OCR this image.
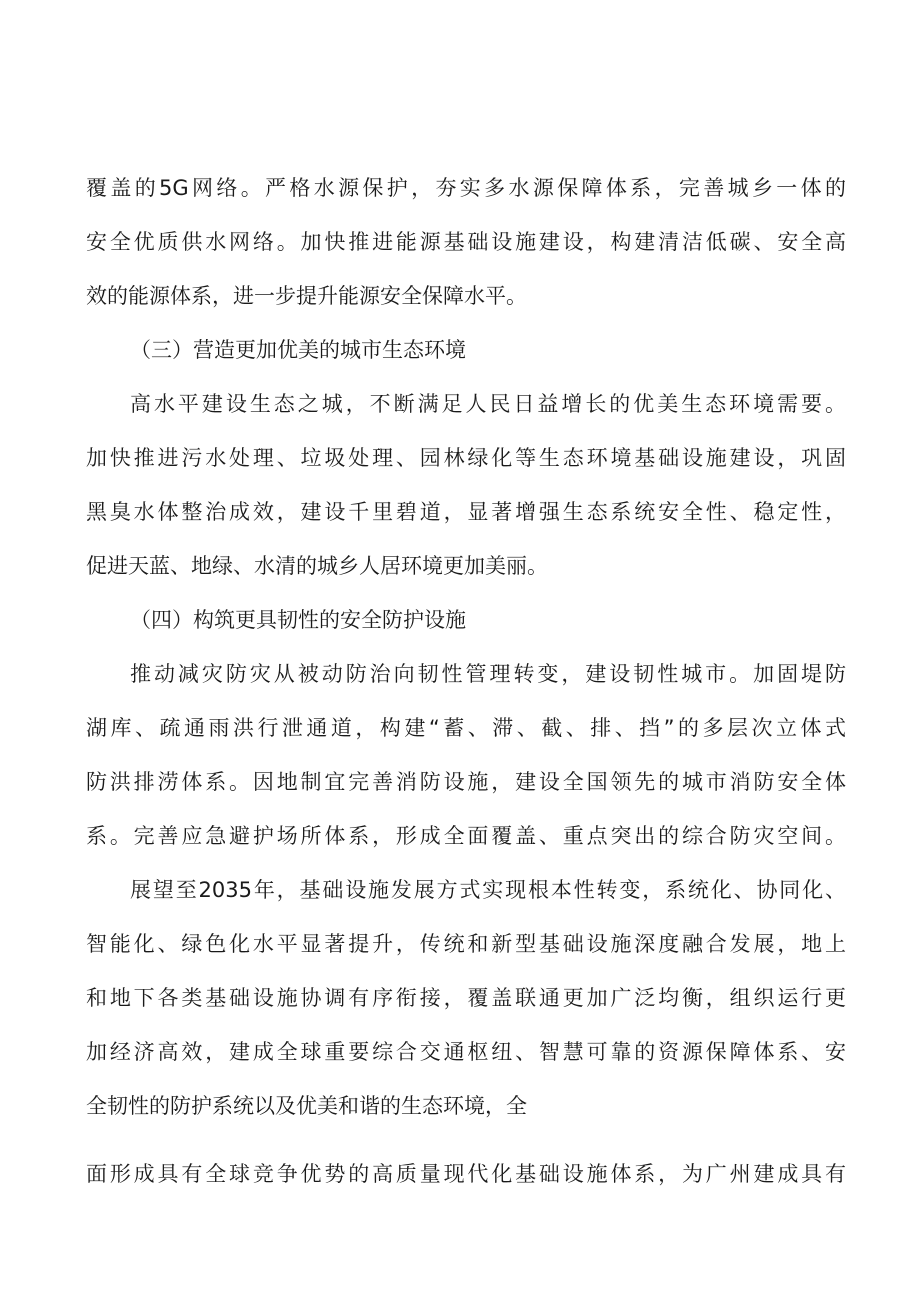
覆盖的5G网络。严格水源保护，夯实多水源保障体系，完善城乡一体的
安全优质供水网络。加快推进能源基础设施建设，构建清洁低碳、安全高
效的能源体系，进一步提升能源安全保障水平。
（三）营造更加优美的城市生态环境
高水平建设生态之城，不断满足人民日益增长的优美生态环境需要。
加快推进污水处理、垃圾处理、园林绿化等生态环境基础设施建设，巩固
黑臭水体整治成效，建设千里碧道，显著增强生态系统安全性、稳定性，
促进天蓝、地绿、水清的城乡人居环境更加美丽。
（四）构筑更具韧性的安全防护设施
推动减灾防灾从被动防治向韧性管理转变，建设韧性城市。加固堤防
湖库、疏通雨洪行泄通道，构建“蓄、滞、截、排、挡”的多层次立体式
防洪排涝体系。因地制宜完善消防设施，建设全国领先的城市消防安全体
系。完善应急避护场所体系，形成全面覆盖、重点突出的综合防灾空间。
展望至2035年，基础设施发展方式实现根本性转变，系统化、协同化、
智能化、绿色化水平显著提升，传统和新型基础设施深度融合发展，地上
和地下各类基础设施协调有序衔接，覆盖联通更加广泛均衡，组织运行更
加经济高效，建成全球重要综合交通枢纽、智慧可靠的资源保障体系、安
全韧性的防护系统以及优美和谐的生态环境，全
面形成具有全球竞争优势的高质量现代化基础设施体系，为广州建成具有
